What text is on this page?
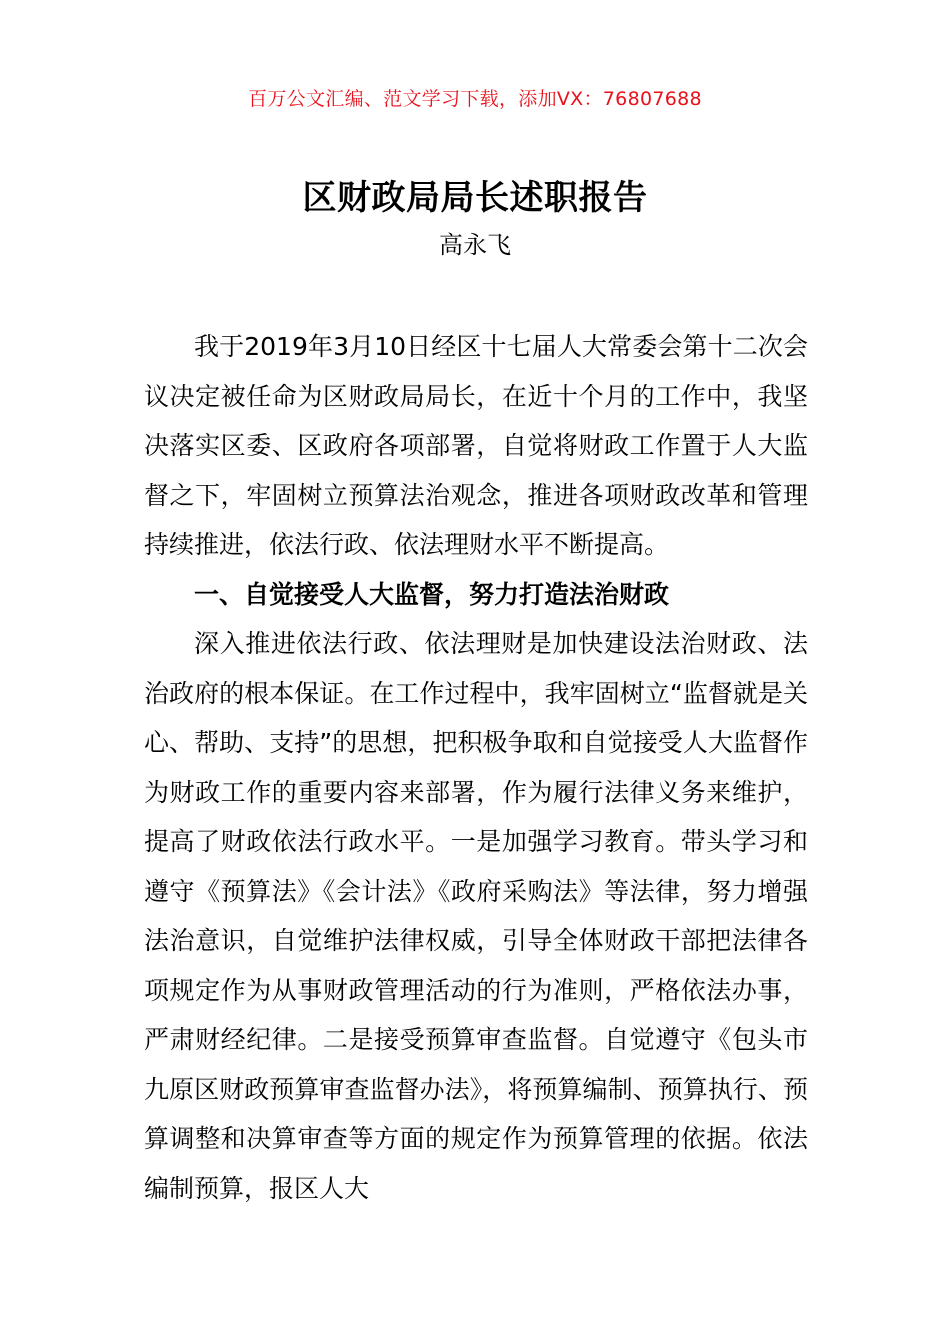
百万公文汇编、范文学习下载，添加VX：76807688
区财政局局长述职报告
高永飞

我于2019年3月10日经区十七届人大常委会第十二次会议决定被任命为区财政局局长，在近十个月的工作中，我坚决落实区委、区政府各项部署，自觉将财政工作置于人大监督之下，牢固树立预算法治观念，推进各项财政改革和管理持续推进，依法行政、依法理财水平不断提高。

一、自觉接受人大监督，努力打造法治财政

深入推进依法行政、依法理财是加快建设法治财政、法治政府的根本保证。在工作过程中，我牢固树立“监督就是关心、帮助、支持”的思想，把积极争取和自觉接受人大监督作为财政工作的重要内容来部署，作为履行法律义务来维护，提高了财政依法行政水平。一是加强学习教育。带头学习和遵守《预算法》《会计法》《政府采购法》等法律，努力增强法治意识，自觉维护法律权威，引导全体财政干部把法律各项规定作为从事财政管理活动的行为准则，严格依法办事，严肃财经纪律。二是接受预算审查监督。自觉遵守《包头市九原区财政预算审查监督办法》，将预算编制、预算执行、预算调整和决算审查等方面的规定作为预算管理的依据。依法编制预算，报区人大
